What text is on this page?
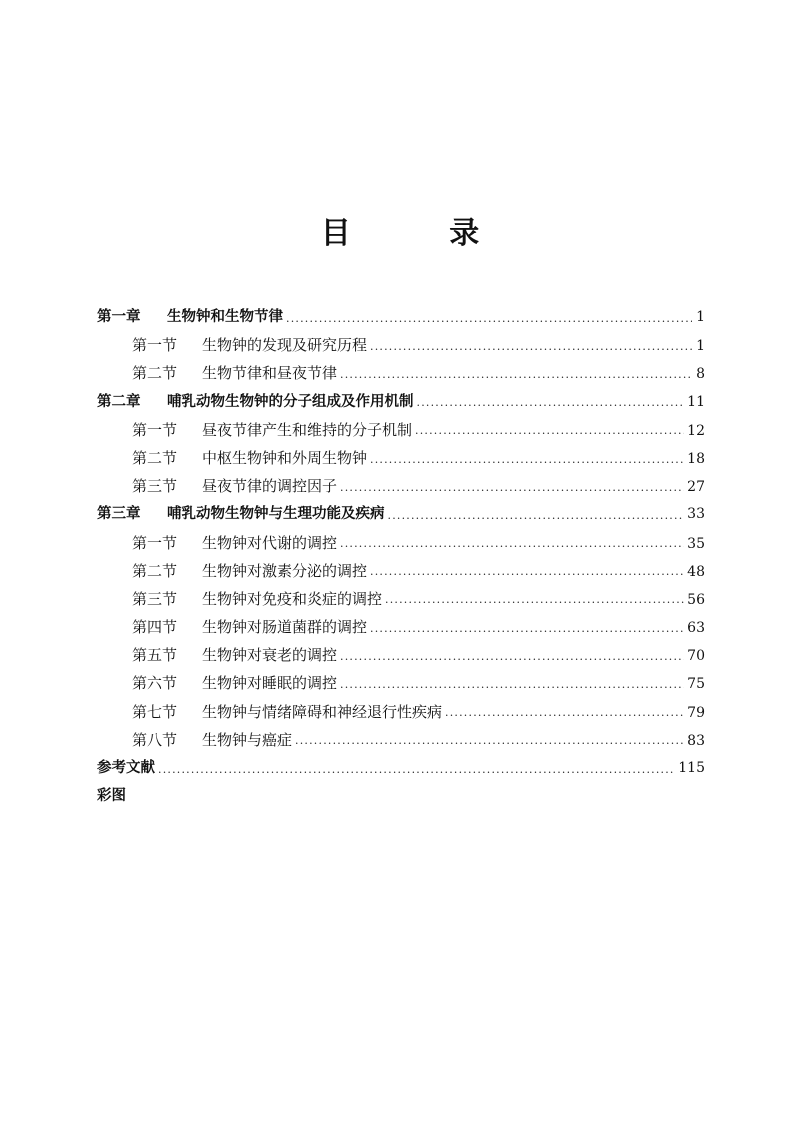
目 录
第一章	生物钟和生物节律 ·····	1
第一节	生物钟的发现及研究历程 ·····	1
第二节	生物节律和昼夜节律 ·····	8
第二章	哺乳动物生物钟的分子组成及作用机制 ·····	11
第一节	昼夜节律产生和维持的分子机制 ·····	12
第二节	中枢生物钟和外周生物钟 ·····	18
第三节	昼夜节律的调控因子 ·····	27
第三章	哺乳动物生物钟与生理功能及疾病 ·····	33
第一节	生物钟对代谢的调控 ·····	35
第二节	生物钟对激素分泌的调控 ·····	48
第三节	生物钟对免疫和炎症的调控 ·····	56
第四节	生物钟对肠道菌群的调控 ·····	63
第五节	生物钟对衰老的调控 ·····	70
第六节	生物钟对睡眠的调控 ·····	75
第七节	生物钟与情绪障碍和神经退行性疾病 ·····	79
第八节	生物钟与癌症 ·····	83
参考文献 ·····	115
彩图
